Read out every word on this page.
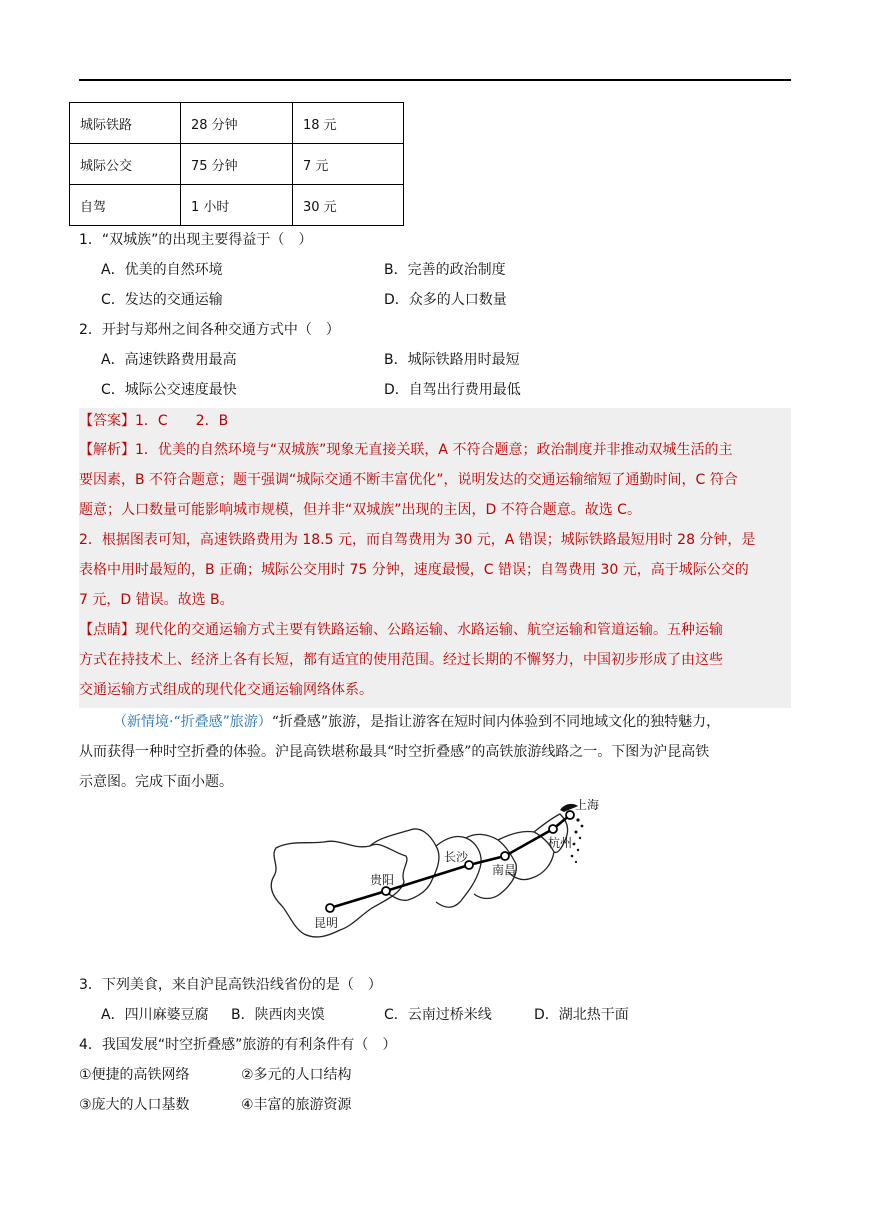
城际铁路	28 分钟	18 元
城际公交	75 分钟	7 元
自驾	1 小时	30 元
1．“双城族”的出现主要得益于（　）
A．优美的自然环境	B．完善的政治制度
C．发达的交通运输	D．众多的人口数量
2．开封与郑州之间各种交通方式中（　）
A．高速铁路费用最高	B．城际铁路用时最短
C．城际公交速度最快	D．自驾出行费用最低
【答案】1．C　　2．B
【解析】1．优美的自然环境与“双城族”现象无直接关联，A 不符合题意；政治制度并非推动双城生活的主
要因素，B 不符合题意；题干强调“城际交通不断丰富优化”，说明发达的交通运输缩短了通勤时间，C 符合
题意；人口数量可能影响城市规模，但并非“双城族”出现的主因，D 不符合题意。故选 C。
2．根据图表可知，高速铁路费用为 18.5 元，而自驾费用为 30 元，A 错误；城际铁路最短用时 28 分钟，是
表格中用时最短的，B 正确；城际公交用时 75 分钟，速度最慢，C 错误；自驾费用 30 元，高于城际公交的
7 元，D 错误。故选 B。
【点睛】现代化的交通运输方式主要有铁路运输、公路运输、水路运输、航空运输和管道运输。五种运输
方式在持技术上、经济上各有长短，都有适宜的使用范围。经过长期的不懈努力，中国初步形成了由这些
交通运输方式组成的现代化交通运输网络体系。
（新情境·“折叠感”旅游）“折叠感”旅游，是指让游客在短时间内体验到不同地域文化的独特魅力，
从而获得一种时空折叠的体验。沪昆高铁堪称最具“时空折叠感”的高铁旅游线路之一。下图为沪昆高铁
示意图。完成下面小题。
上海
杭州
南昌
长沙
贵阳
昆明
3．下列美食，来自沪昆高铁沿线省份的是（　）
A．四川麻婆豆腐 B．陕西肉夹馍	C．云南过桥米线	D．湖北热干面
4．我国发展“时空折叠感”旅游的有利条件有（　）
①便捷的高铁网络	②多元的人口结构
③庞大的人口基数	④丰富的旅游资源
